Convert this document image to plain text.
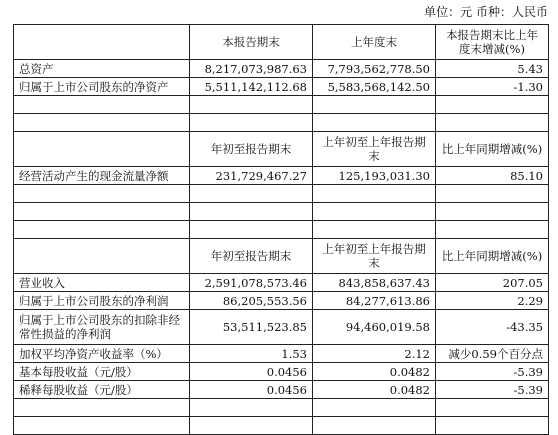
单位：元 币种：人民币
	本报告期末	上年度末	本报告期末比上年度末增减(%)
总资产	8,217,073,987.63	7,793,562,778.50	5.43
归属于上市公司股东的净资产	5,511,142,112.68	5,583,568,142.50	-1.30

	年初至报告期末	上年初至上年报告期末	比上年同期增减(%)
经营活动产生的现金流量净额	231,729,467.27	125,193,031.30	85.10

	年初至报告期末	上年初至上年报告期末	比上年同期增减(%)
营业收入	2,591,078,573.46	843,858,637.43	207.05
归属于上市公司股东的净利润	86,205,553.56	84,277,613.86	2.29
归属于上市公司股东的扣除非经常性损益的净利润	53,511,523.85	94,460,019.58	-43.35
加权平均净资产收益率（%）	1.53	2.12	减少0.59个百分点
基本每股收益（元/股）	0.0456	0.0482	-5.39
稀释每股收益（元/股）	0.0456	0.0482	-5.39
